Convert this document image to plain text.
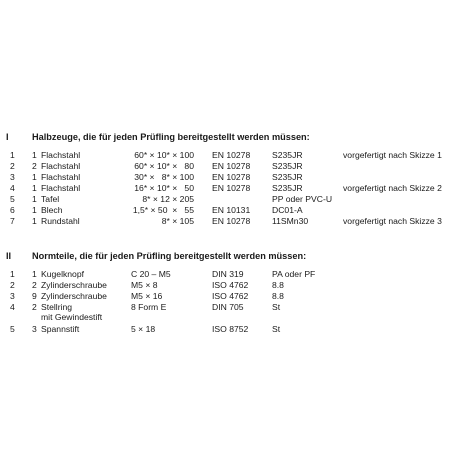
I	Halbzeuge, die für jeden Prüfling bereitgestellt werden müssen:
1 1 Flachstahl	60* × 10* × 100 EN 10278	S235JR	vorgefertigt nach Skizze 1
2 2 Flachstahl	60* × 10* ×   80 EN 10278	S235JR
3 1 Flachstahl	30* ×   8* × 100 EN 10278	S235JR
4 1 Flachstahl	16* × 10* ×   50 EN 10278	S235JR	vorgefertigt nach Skizze 2
5 1 Tafel	8* × 12 × 205	PP oder PVC-U
6 1 Blech	1,5* × 50  ×   55 EN 10131	DC01-A
7 1 Rundstahl	8* × 105 EN 10278	11SMn30	vorgefertigt nach Skizze 3
II Normteile, die für jeden Prüfling bereitgestellt werden müssen:
1 1 Kugelknopf	C 20 – M5	DIN 319	PA oder PF
2 2 Zylinderschraube	M5 × 8	ISO 4762	8.8
3 9 Zylinderschraube	M5 × 16	ISO 4762	8.8
4 2 Stellring	8 Form E	DIN 705	St
mit Gewindestift
5 3 Spannstift	5 × 18	ISO 8752	St
